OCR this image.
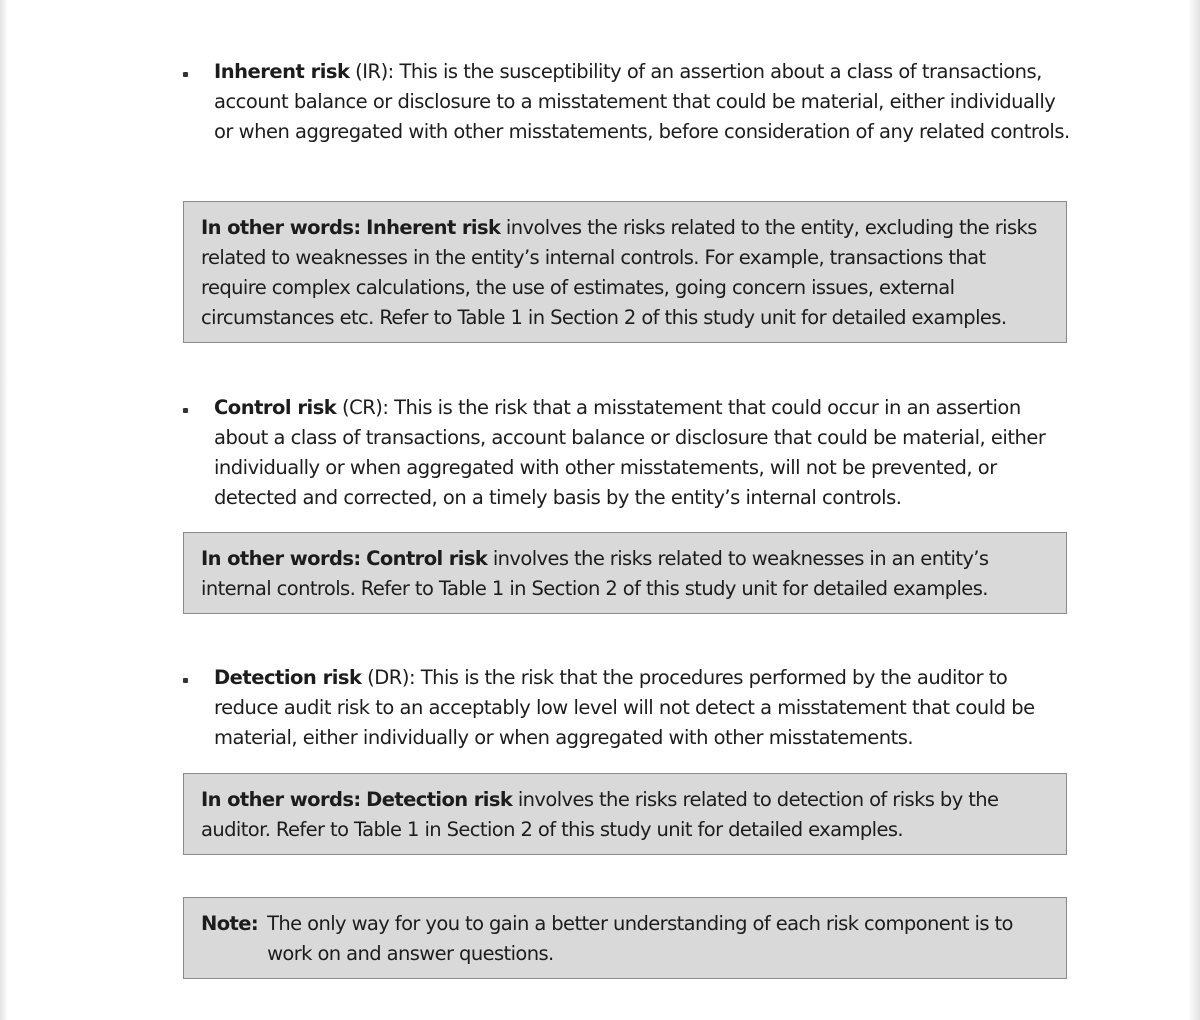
Inherent risk (IR): This is the susceptibility of an assertion about a class of transactions, account balance or disclosure to a misstatement that could be material, either individually or when aggregated with other misstatements, before consideration of any related controls.
In other words: Inherent risk involves the risks related to the entity, excluding the risks related to weaknesses in the entity’s internal controls. For example, transactions that require complex calculations, the use of estimates, going concern issues, external circumstances etc. Refer to Table 1 in Section 2 of this study unit for detailed examples.
Control risk (CR): This is the risk that a misstatement that could occur in an assertion about a class of transactions, account balance or disclosure that could be material, either individually or when aggregated with other misstatements, will not be prevented, or detected and corrected, on a timely basis by the entity’s internal controls.
In other words: Control risk involves the risks related to weaknesses in an entity’s internal controls. Refer to Table 1 in Section 2 of this study unit for detailed examples.
Detection risk (DR): This is the risk that the procedures performed by the auditor to reduce audit risk to an acceptably low level will not detect a misstatement that could be material, either individually or when aggregated with other misstatements.
In other words: Detection risk involves the risks related to detection of risks by the auditor. Refer to Table 1 in Section 2 of this study unit for detailed examples.
Note: The only way for you to gain a better understanding of each risk component is to work on and answer questions.
